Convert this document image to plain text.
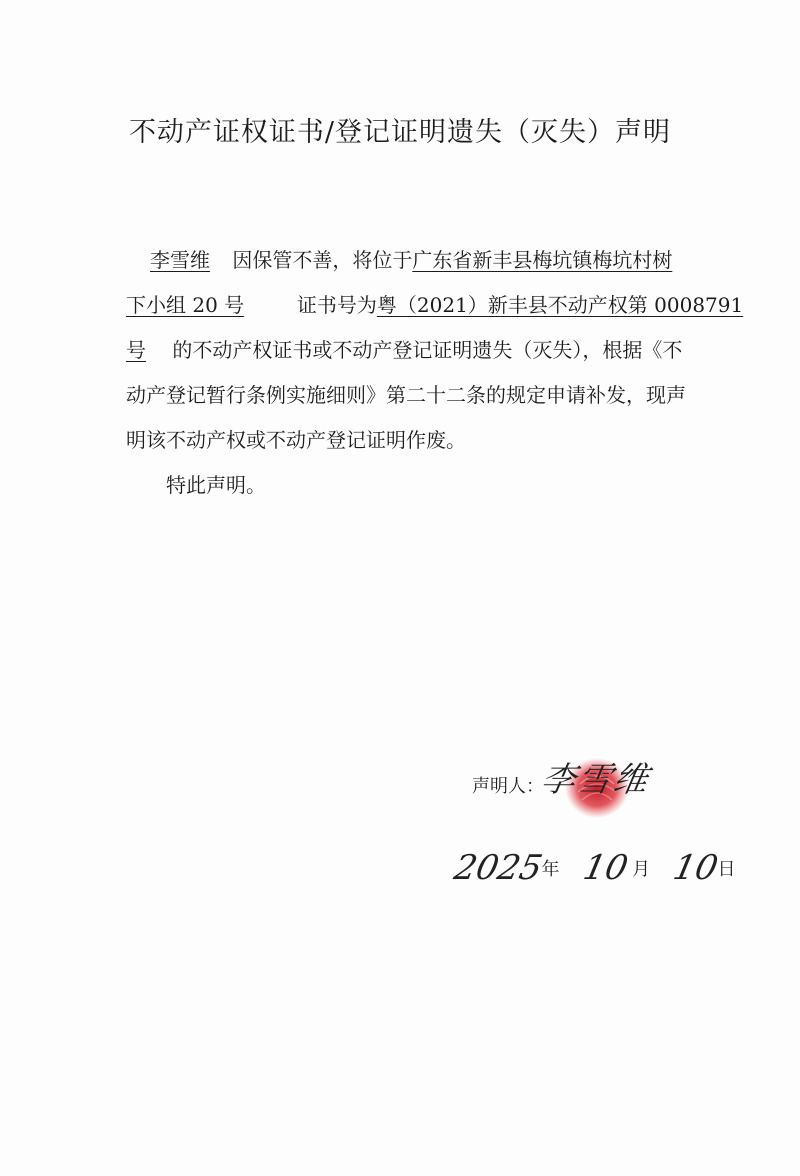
不动产证权证书/登记证明遗失（灭失）声明
李雪维 因保管不善，将位于广东省新丰县梅坑镇梅坑村树
下小组 20 号	证书号为粤（2021）新丰县不动产权第 0008791
号 的不动产权证书或不动产登记证明遗失（灭失），根据《不
动产登记暂行条例实施细则》第二十二条的规定申请补发，现声
明该不动产权或不动产登记证明作废。
特此声明。
声明人：
李雪维
2025年 10 月 10日
